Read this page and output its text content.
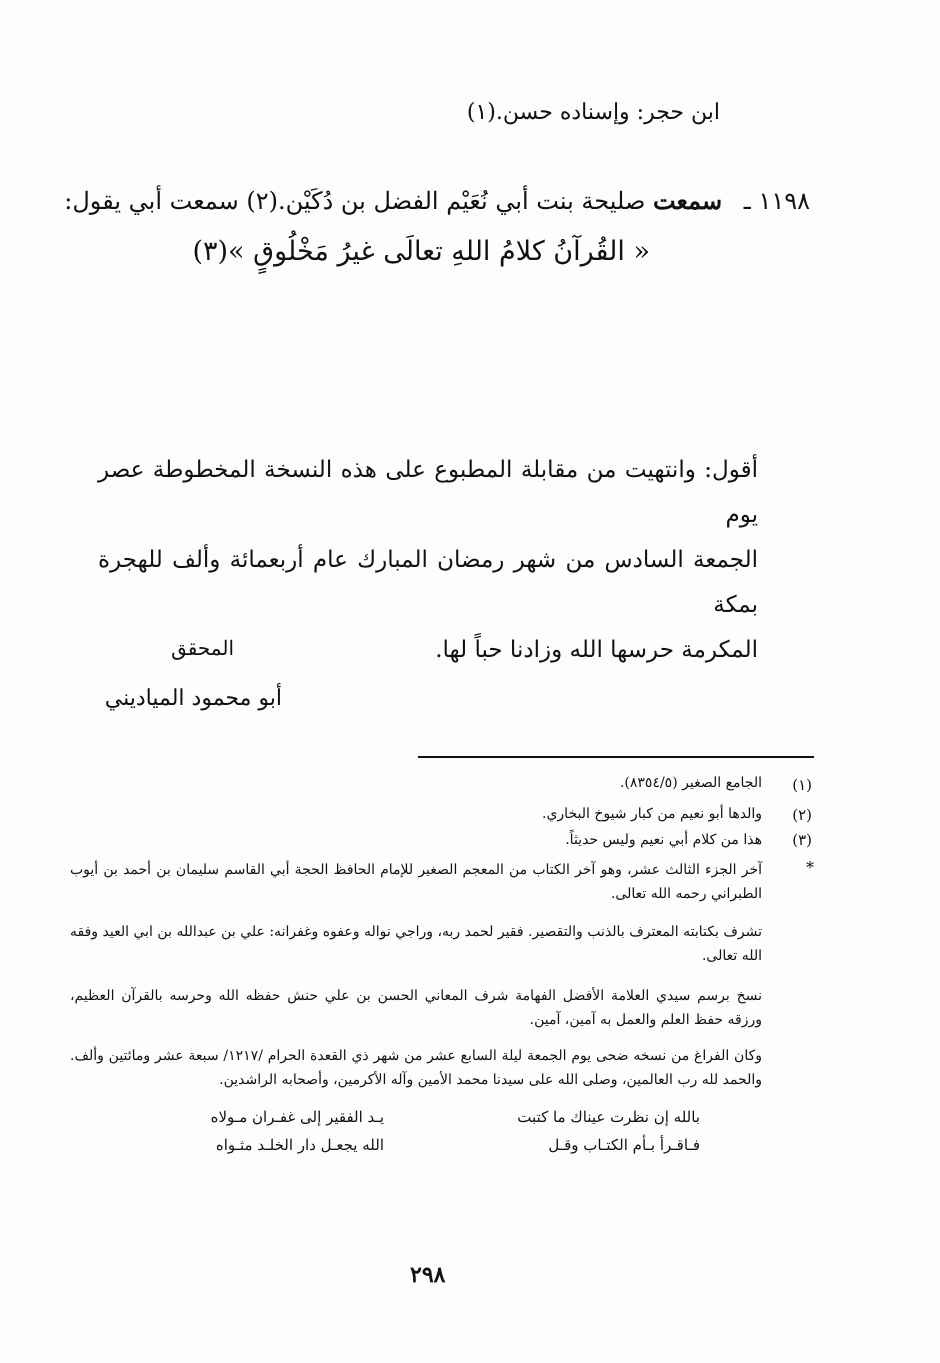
ابن حجر: وإسناده حسن.(١)
١١٩٨ ـ سمعت صليحة بنت أبي نُعَيْم الفضل بن دُكَيْن.(٢) سمعت أبي يقول:
« القُرآنُ كلامُ اللهِ تعالَى غيرُ مَخْلُوقٍ »(٣)

أقول: وانتهيت من مقابلة المطبوع على هذه النسخة المخطوطة عصر يوم

الجمعة السادس من شهر رمضان المبارك عام أربعمائة وألف للهجرة بمكة

المكرمة حرسها الله وزادنا حباً لها.

المحقق
أبو محمود المياديني
(١)
الجامع الصغير (٨٣٥٤/٥).
(٢)
والدها أبو نعيم من كبار شيوخ البخاري.
(٣)
هذا من كلام أبي نعيم وليس حديثاً.
*

آخر الجزء الثالث عشر، وهو آخر الكتاب من المعجم الصغير للإمام الحافظ الحجة أبي القاسم سليمان بن أحمد بن أيوب الطبراني رحمه الله تعالى.

تشرف بكتابته المعترف بالذنب والتقصير. فقير لحمد ربه، وراجي نواله وعفوه وغفرانه: علي بن عبدالله بن ابي العيد وفقه الله تعالى.

نسخ برسم سيدي العلامة الأفضل الفهامة شرف المعاني الحسن بن علي حنش حفظه الله وحرسه بالقرآن العظيم، ورزقه حفظ العلم والعمل به آمين، آمين.

وكان الفراغ من نسخه ضحى يوم الجمعة ليلة السابع عشر من شهر ذي القعدة الحرام /١٢١٧/ سبعة عشر ومائتين وألف. والحمد لله رب العالمين، وصلى الله على سيدنا محمد الأمين وآله الأكرمين، وأصحابه الراشدين.

بالله إن نظرت عيناك ما كتبت
يـد الفقير إلى غفـران مـولاه
فـاقـرأ بـأم الكتـاب وقـل
الله يجعـل دار الخلـد مثـواه
٢٩٨
